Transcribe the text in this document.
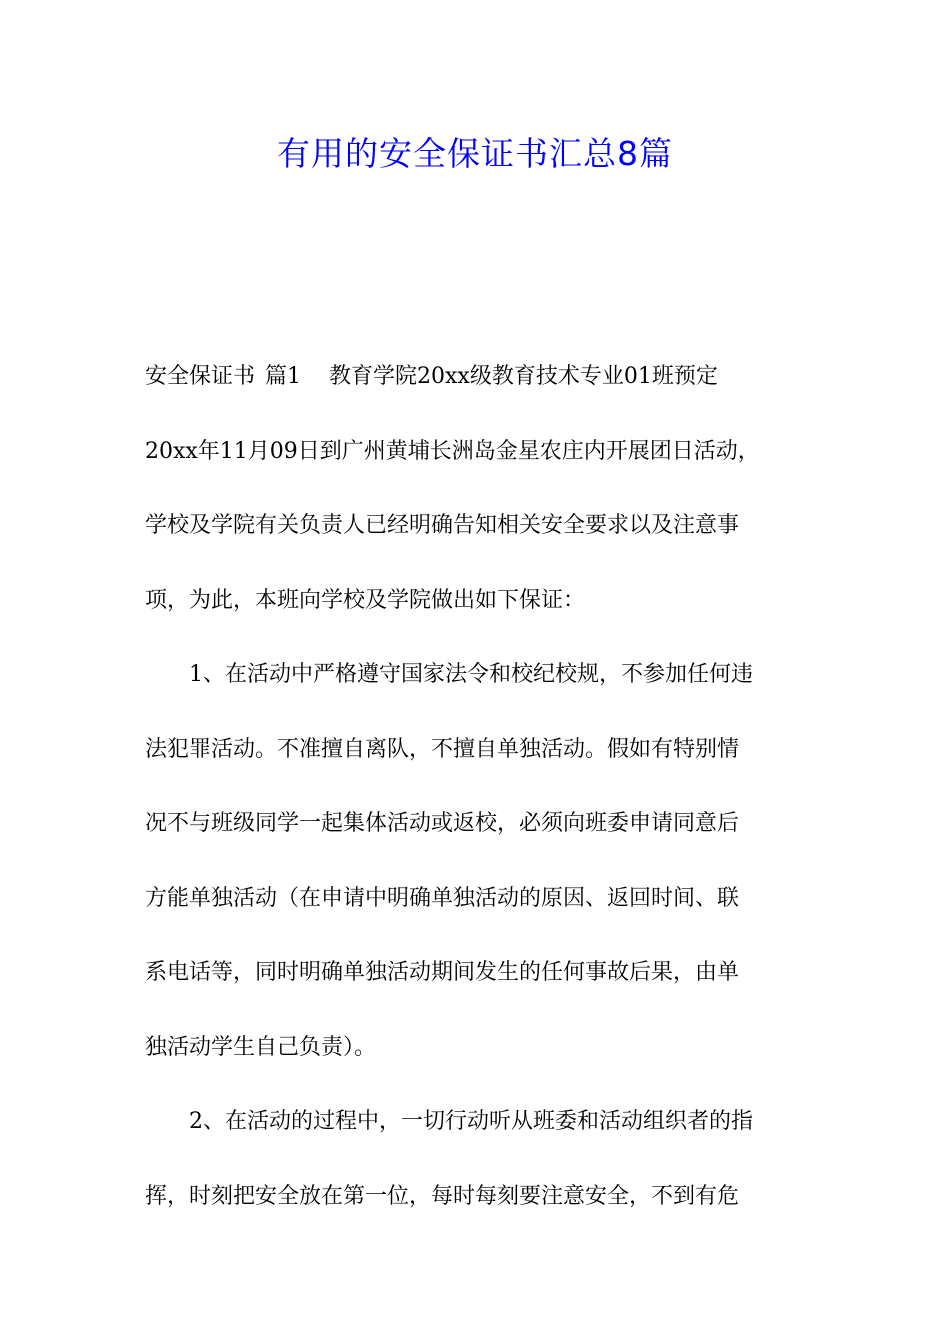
有用的安全保证书汇总8篇
安全保证书 篇1 教育学院20xx级教育技术专业01班预定
20xx年11月09日到广州黄埔长洲岛金星农庄内开展团日活动，
学校及学院有关负责人已经明确告知相关安全要求以及注意事
项，为此，本班向学校及学院做出如下保证：
1、在活动中严格遵守国家法令和校纪校规，不参加任何违
法犯罪活动。不准擅自离队，不擅自单独活动。假如有特别情
况不与班级同学一起集体活动或返校，必须向班委申请同意后
方能单独活动（在申请中明确单独活动的原因、返回时间、联
系电话等，同时明确单独活动期间发生的任何事故后果，由单
独活动学生自己负责）。
2、在活动的过程中，一切行动听从班委和活动组织者的指
挥，时刻把安全放在第一位，每时每刻要注意安全，不到有危
